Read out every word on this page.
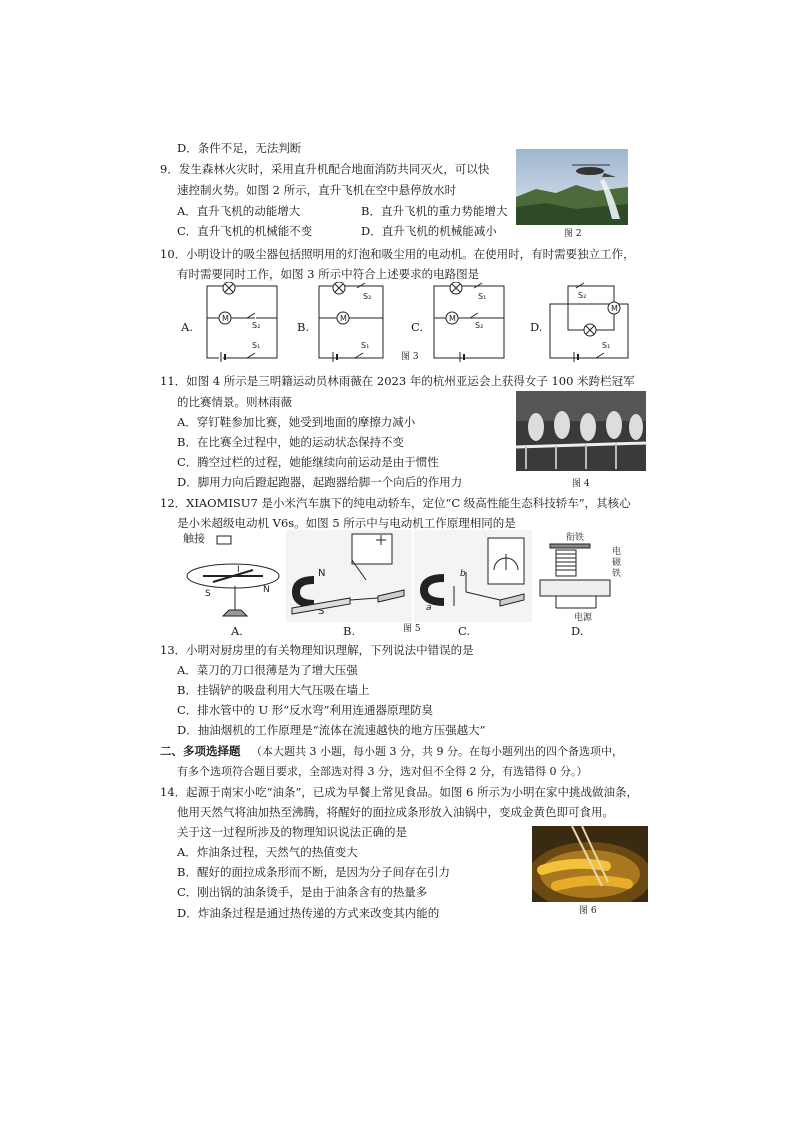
D．条件不足，无法判断
9．发生森林火灾时，采用直升机配合地面消防共同灭火，可以快
速控制火势。如图 2 所示，直升飞机在空中悬停放水时
A．直升飞机的动能增大	B．直升飞机的重力势能增大
C．直升飞机的机械能不变	D．直升飞机的机械能减小	图 2
10．小明设计的吸尘器包括照明用的灯泡和吸尘用的电动机。在使用时，有时需要独立工作，
有时需要同时工作，如图 3 所示中符合上述要求的电路图是
A.
M
S₂
S₁
B.
S₂
M
S₁
C.
S₁
M
S₂	D.
S₂
M
S₁
图 3
11．如图 4 所示是三明籍运动员林雨薇在 2023 年的杭州亚运会上获得女子 100 米跨栏冠军
的比赛情景。则林雨薇
A．穿钉鞋参加比赛，她受到地面的摩擦力减小
B．在比赛全过程中，她的运动状态保持不变
C．腾空过栏的过程，她能继续向前运动是由于惯性
D．脚用力向后蹬起跑器，起跑器给脚一个向后的作用力	图 4
12．XIAOMISU7 是小米汽车旗下的纯电动轿车，定位“C 级高性能生态科技轿车”，其核心
是小米超级电动机 V6s。如图 5 所示中与电动机工作原理相同的是
触接
I
S	N
N
S
b
a
衔铁
电磁铁
电源
A.	B.	图 5	C.	D.
13．小明对厨房里的有关物理知识理解，下列说法中错误的是
A．菜刀的刀口很薄是为了增大压强
B．挂锅铲的吸盘利用大气压吸在墙上
C．排水管中的 U 形“反水弯”利用连通器原理防臭
D．抽油烟机的工作原理是“流体在流速越快的地方压强越大”
二、多项选择题 （本大题共 3 小题，每小题 3 分，共 9 分。在每小题列出的四个备选项中，
有多个选项符合题目要求，全部选对得 3 分，选对但不全得 2 分，有选错得 0 分。）
14．起源于南宋小吃“油条”，已成为早餐上常见食品。如图 6 所示为小明在家中挑战做油条，
他用天然气将油加热至沸腾，将醒好的面拉成条形放入油锅中，变成金黄色即可食用。
关于这一过程所涉及的物理知识说法正确的是
A．炸油条过程，天然气的热值变大
B．醒好的面拉成条形而不断，是因为分子间存在引力
C．刚出锅的油条烫手，是由于油条含有的热量多
D．炸油条过程是通过热传递的方式来改变其内能的	图 6
